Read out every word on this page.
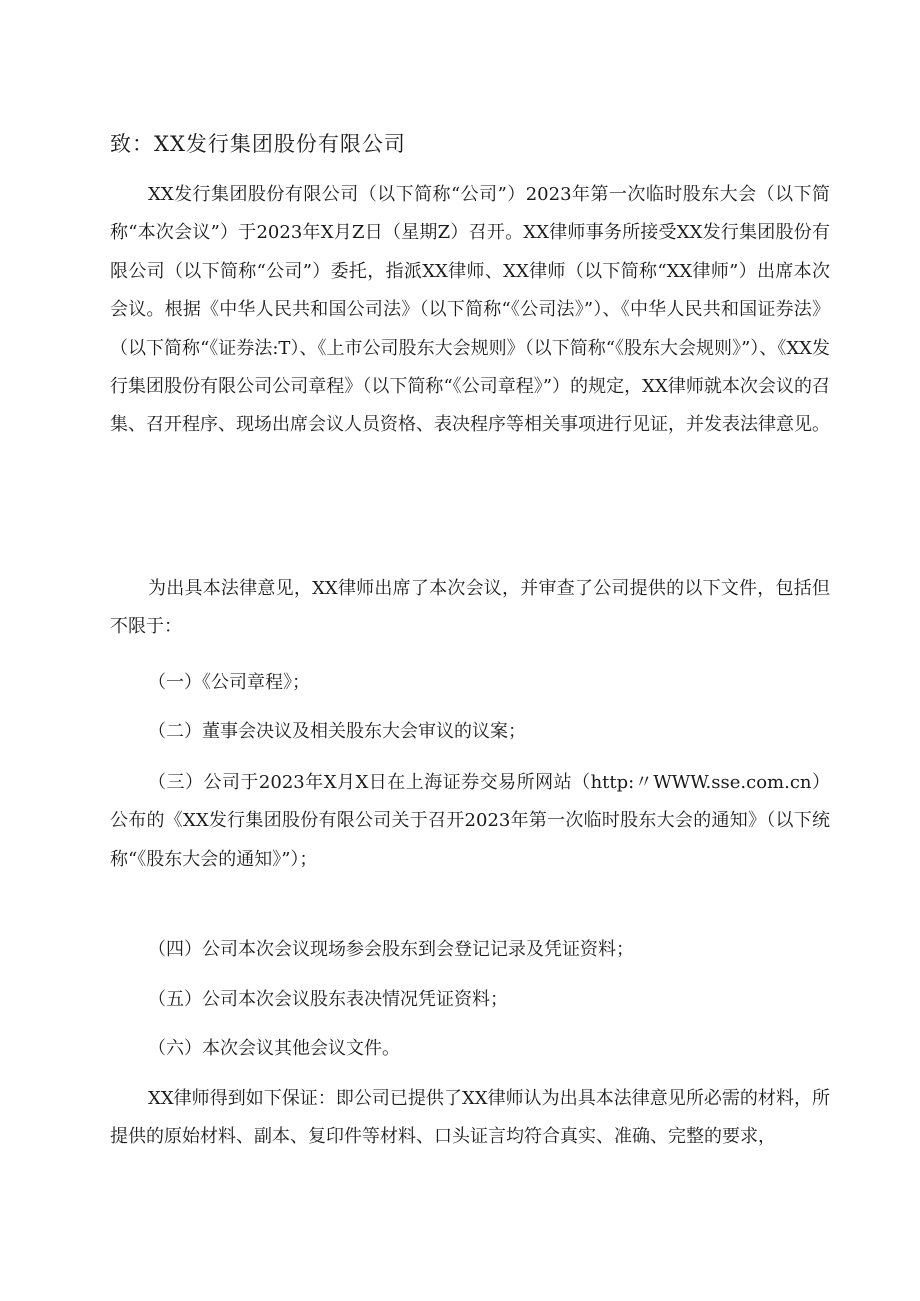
致：XX发行集团股份有限公司

XX发行集团股份有限公司（以下简称“公司”）2023年第一次临时股东大会（以下简称“本次会议”）于2023年X月Z日（星期Z）召开。XX律师事务所接受XX发行集团股份有限公司（以下简称“公司”）委托，指派XX律师、XX律师（以下简称“XX律师”）出席本次会议。根据《中华人民共和国公司法》（以下简称“《公司法》”）、《中华人民共和国证券法》（以下简称“《证券法:T）、《上市公司股东大会规则》（以下简称“《股东大会规则》”）、《XX发行集团股份有限公司公司章程》（以下简称“《公司章程》”）的规定，XX律师就本次会议的召集、召开程序、现场出席会议人员资格、表决程序等相关事项进行见证，并发表法律意见。

为出具本法律意见，XX律师出席了本次会议，并审查了公司提供的以下文件，包括但不限于：

（一）《公司章程》；

（二）董事会决议及相关股东大会审议的议案；

（三）公司于2023年X月X日在上海证券交易所网站（http:〃WWW.sse.com.cn）公布的《XX发行集团股份有限公司关于召开2023年第一次临时股东大会的通知》（以下统称“《股东大会的通知》”）；

（四）公司本次会议现场参会股东到会登记记录及凭证资料；

（五）公司本次会议股东表决情况凭证资料；

（六）本次会议其他会议文件。

XX律师得到如下保证：即公司已提供了XX律师认为出具本法律意见所必需的材料，所提供的原始材料、副本、复印件等材料、口头证言均符合真实、准确、完整的要求，
